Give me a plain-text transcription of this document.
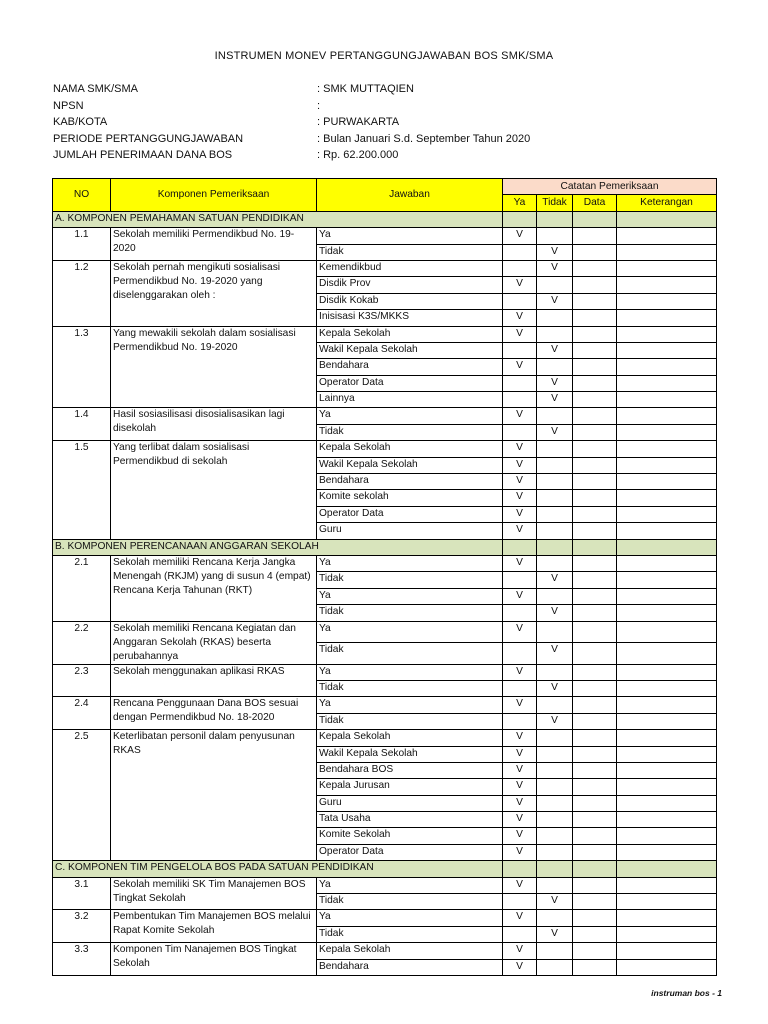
INSTRUMEN MONEV PERTANGGUNGJAWABAN BOS SMK/SMA
NAMA SMK/SMA	: SMK MUTTAQIEN
NPSN	:
KAB/KOTA	: PURWAKARTA
PERIODE PERTANGGUNGJAWABAN	: Bulan Januari S.d. September Tahun 2020
JUMLAH PENERIMAAN DANA BOS	: Rp. 62.200.000
NO	Komponen Pemeriksaan	Jawaban	Catatan Pemeriksaan			
			Ya	Tidak	Data	Keterangan
A. KOMPONEN PEMAHAMAN SATUAN PENDIDIKAN						
1.1	Sekolah memiliki Permendikbud No. 19-2020	Ya	V			
		Tidak		V		
1.2	Sekolah pernah mengikuti sosialisasi Permendikbud No. 19-2020 yang diselenggarakan oleh :	Kemendikbud		V		
		Disdik Prov	V			
		Disdik Kokab		V		
		Inisisasi K3S/MKKS	V			
1.3	Yang mewakili sekolah dalam sosialisasi Permendikbud No. 19-2020	Kepala Sekolah	V			
		Wakil Kepala Sekolah		V		
		Bendahara	V			
		Operator Data		V		
		Lainnya		V		
1.4	Hasil sosiasilisasi disosialisasikan lagi disekolah	Ya	V			
		Tidak		V		
1.5	Yang terlibat dalam sosialisasi Permendikbud di sekolah	Kepala Sekolah	V			
		Wakil Kepala Sekolah	V			
		Bendahara	V			
		Komite sekolah	V			
		Operator Data	V			
		Guru	V			
B. KOMPONEN PERENCANAAN ANGGARAN SEKOLAH						
2.1	Sekolah memiliki Rencana Kerja Jangka Menengah (RKJM) yang di susun 4 (empat) Rencana Kerja Tahunan (RKT)	Ya	V			
		Tidak		V		
		Ya	V			
		Tidak		V		
2.2	Sekolah memiliki Rencana Kegiatan dan Anggaran Sekolah (RKAS) beserta perubahannya	Ya	V			
		Tidak		V		
2.3	Sekolah menggunakan aplikasi RKAS	Ya	V			
		Tidak		V		
2.4	Rencana Penggunaan Dana BOS sesuai dengan Permendikbud No. 18-2020	Ya	V			
		Tidak		V		
2.5	Keterlibatan personil dalam penyusunan RKAS	Kepala Sekolah	V			
		Wakil Kepala Sekolah	V			
		Bendahara BOS	V			
		Kepala Jurusan	V			
		Guru	V			
		Tata Usaha	V			
		Komite Sekolah	V			
		Operator Data	V			
C. KOMPONEN TIM PENGELOLA BOS PADA SATUAN PENDIDIKAN						
3.1	Sekolah memiliki SK Tim Manajemen BOS Tingkat Sekolah	Ya	V			
		Tidak		V		
3.2	Pembentukan Tim Manajemen BOS melalui Rapat Komite Sekolah	Ya	V			
		Tidak		V		
3.3	Komponen Tim Nanajemen BOS Tingkat Sekolah	Kepala Sekolah	V			
		Bendahara	V			
instruman bos - 1
